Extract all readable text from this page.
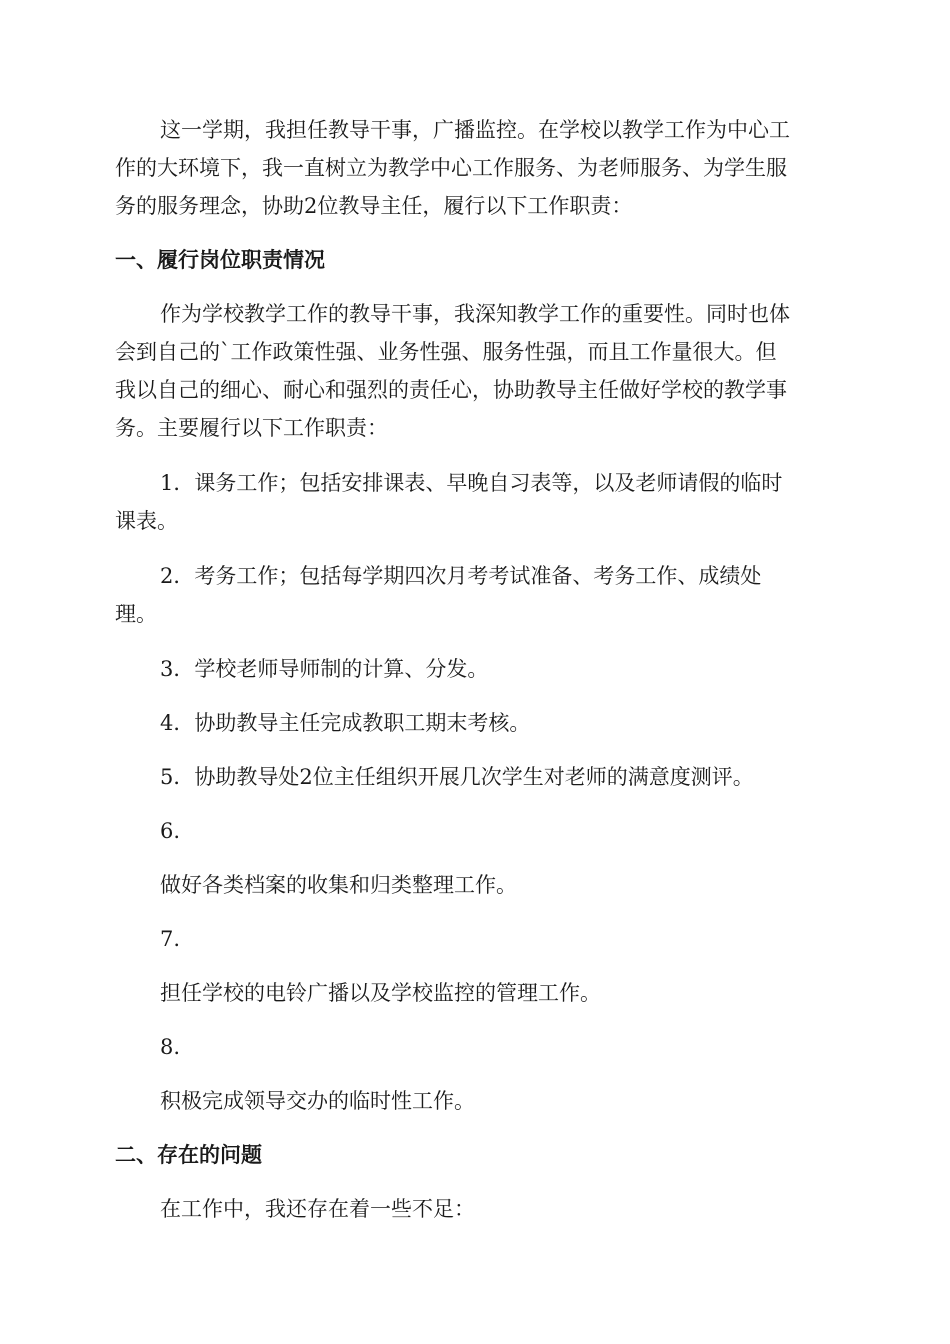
这一学期，我担任教导干事，广播监控。在学校以教学工作为中心工
作的大环境下，我一直树立为教学中心工作服务、为老师服务、为学生服
务的服务理念，协助2位教导主任，履行以下工作职责：
一、履行岗位职责情况
作为学校教学工作的教导干事，我深知教学工作的重要性。同时也体
会到自己的`工作政策性强、业务性强、服务性强，而且工作量很大。但
我以自己的细心、耐心和强烈的责任心，协助教导主任做好学校的教学事
务。主要履行以下工作职责：
1．课务工作；包括安排课表、早晚自习表等，以及老师请假的临时
课表。
2．考务工作；包括每学期四次月考考试准备、考务工作、成绩处
理。
3．学校老师导师制的计算、分发。
4．协助教导主任完成教职工期末考核。
5．协助教导处2位主任组织开展几次学生对老师的满意度测评。
6.
做好各类档案的收集和归类整理工作。
7.
担任学校的电铃广播以及学校监控的管理工作。
8.
积极完成领导交办的临时性工作。
二、存在的问题
在工作中，我还存在着一些不足：
